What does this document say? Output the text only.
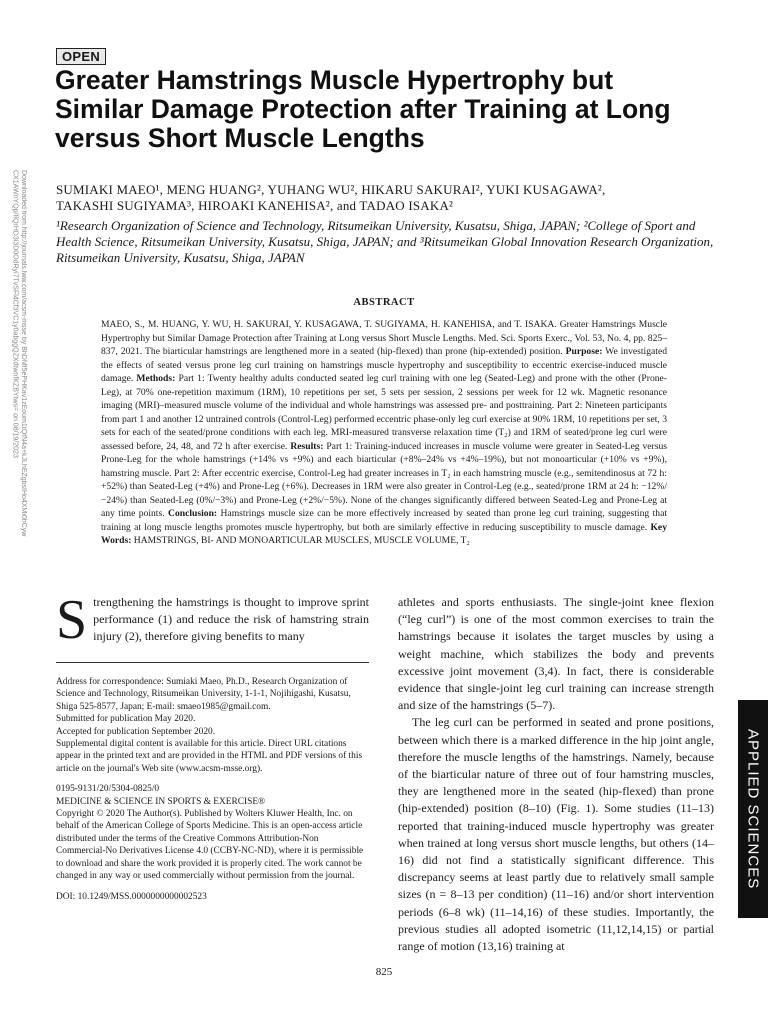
OPEN
Greater Hamstrings Muscle Hypertrophy but Similar Damage Protection after Training at Long versus Short Muscle Lengths
SUMIAKI MAEO¹, MENG HUANG², YUHANG WU², HIKARU SAKURAI², YUKI KUSAGAWA²,
TAKASHI SUGIYAMA³, HIROAKI KANEHISA², and TADAO ISAKA²
¹Research Organization of Science and Technology, Ritsumeikan University, Kusatsu, Shiga, JAPAN; ²College of Sport and Health Science, Ritsumeikan University, Kusatsu, Shiga, JAPAN; and ³Ritsumeikan Global Innovation Research Organization, Ritsumeikan University, Kusatsu, Shiga, JAPAN
Downloaded from http://journals.lww.com/acsm-msse by BhDMf5ePHKav1zEoum1tQfN4a+kJLhEZgbsIHo4XMi0hCyw CX1AWnYQp/IlQrHD3i3D0OdRyi7TvSFl4Cf3VC1y0abggQZXdtwnfKZBYtws= on 08/19/2023	ABSTRACT
MAEO, S., M. HUANG, Y. WU, H. SAKURAI, Y. KUSAGAWA, T. SUGIYAMA, H. KANEHISA, and T. ISAKA. Greater Hamstrings Muscle Hypertrophy but Similar Damage Protection after Training at Long versus Short Muscle Lengths. Med. Sci. Sports Exerc., Vol. 53, No. 4, pp. 825–837, 2021. The biarticular hamstrings are lengthened more in a seated (hip-flexed) than prone (hip-extended) position. Purpose: We investigated the effects of seated versus prone leg curl training on hamstrings muscle hypertrophy and susceptibility to eccentric exercise-induced muscle damage. Methods: Part 1: Twenty healthy adults conducted seated leg curl training with one leg (Seated-Leg) and prone with the other (Prone-Leg), at 70% one-repetition maximum (1RM), 10 repetitions per set, 5 sets per session, 2 sessions per week for 12 wk. Magnetic resonance imaging (MRI)–measured muscle volume of the individual and whole hamstrings was assessed pre- and posttraining. Part 2: Nineteen participants from part 1 and another 12 untrained controls (Control-Leg) performed eccentric phase-only leg curl exercise at 90% 1RM, 10 repetitions per set, 3 sets for each of the seated/prone conditions with each leg. MRI-measured transverse relaxation time (T₂) and 1RM of seated/prone leg curl were assessed before, 24, 48, and 72 h after exercise. Results: Part 1: Training-induced increases in muscle volume were greater in Seated-Leg versus Prone-Leg for the whole hamstrings (+14% vs +9%) and each biarticular (+8%–24% vs +4%–19%), but not monoarticular (+10% vs +9%), hamstring muscle. Part 2: After eccentric exercise, Control-Leg had greater increases in T₂ in each hamstring muscle (e.g., semitendinosus at 72 h: +52%) than Seated-Leg (+4%) and Prone-Leg (+6%). Decreases in 1RM were also greater in Control-Leg (e.g., seated/prone 1RM at 24 h: −12%/−24%) than Seated-Leg (0%/−3%) and Prone-Leg (+2%/−5%). None of the changes significantly differed between Seated-Leg and Prone-Leg at any time points. Conclusion: Hamstrings muscle size can be more effectively increased by seated than prone leg curl training, suggesting that training at long muscle lengths promotes muscle hypertrophy, but both are similarly effective in reducing susceptibility to muscle damage. Key Words: HAMSTRINGS, BI- AND MONOARTICULAR MUSCLES, MUSCLE VOLUME, T₂
S trengthening the hamstrings is thought to improve sprint performance (1) and reduce the risk of hamstring strain injury (2), therefore giving benefits to many

Address for correspondence: Sumiaki Maeo, Ph.D., Research Organization of Science and Technology, Ritsumeikan University, 1-1-1, Nojihigashi, Kusatsu, Shiga 525-8577, Japan; E-mail: smaeo1985@gmail.com.

Submitted for publication May 2020.

Accepted for publication September 2020.

Supplemental digital content is available for this article. Direct URL citations appear in the printed text and are provided in the HTML and PDF versions of this article on the journal's Web site (www.acsm-msse.org).

0195-9131/20/5304-0825/0

MEDICINE & SCIENCE IN SPORTS & EXERCISE®

Copyright © 2020 The Author(s). Published by Wolters Kluwer Health, Inc. on behalf of the American College of Sports Medicine. This is an open-access article distributed under the terms of the Creative Commons Attribution-Non Commercial-No Derivatives License 4.0 (CCBY-NC-ND), where it is permissible to download and share the work provided it is properly cited. The work cannot be changed in any way or used commercially without permission from the journal.

DOI: 10.1249/MSS.0000000000002523

athletes and sports enthusiasts. The single-joint knee flexion (“leg curl”) is one of the most common exercises to train the hamstrings because it isolates the target muscles by using a weight machine, which stabilizes the body and prevents excessive joint movement (3,4). In fact, there is considerable evidence that single-joint leg curl training can increase strength and size of the hamstrings (5–7).

The leg curl can be performed in seated and prone positions, between which there is a marked difference in the hip joint angle, therefore the muscle lengths of the hamstrings. Namely, because of the biarticular nature of three out of four hamstring muscles, they are lengthened more in the seated (hip-flexed) than prone (hip-extended) position (8–10) (Fig. 1). Some studies (11–13) reported that training-induced muscle hypertrophy was greater when trained at long versus short muscle lengths, but others (14–16) did not find a statistically significant difference. This discrepancy seems at least partly due to relatively small sample sizes (n = 8–13 per condition) (11–16) and/or short intervention periods (6–8 wk) (11–14,16) of these studies. Importantly, the previous studies all adopted isometric (11,12,14,15) or partial range of motion (13,16) training at

APPLIED SCIENCES
825
